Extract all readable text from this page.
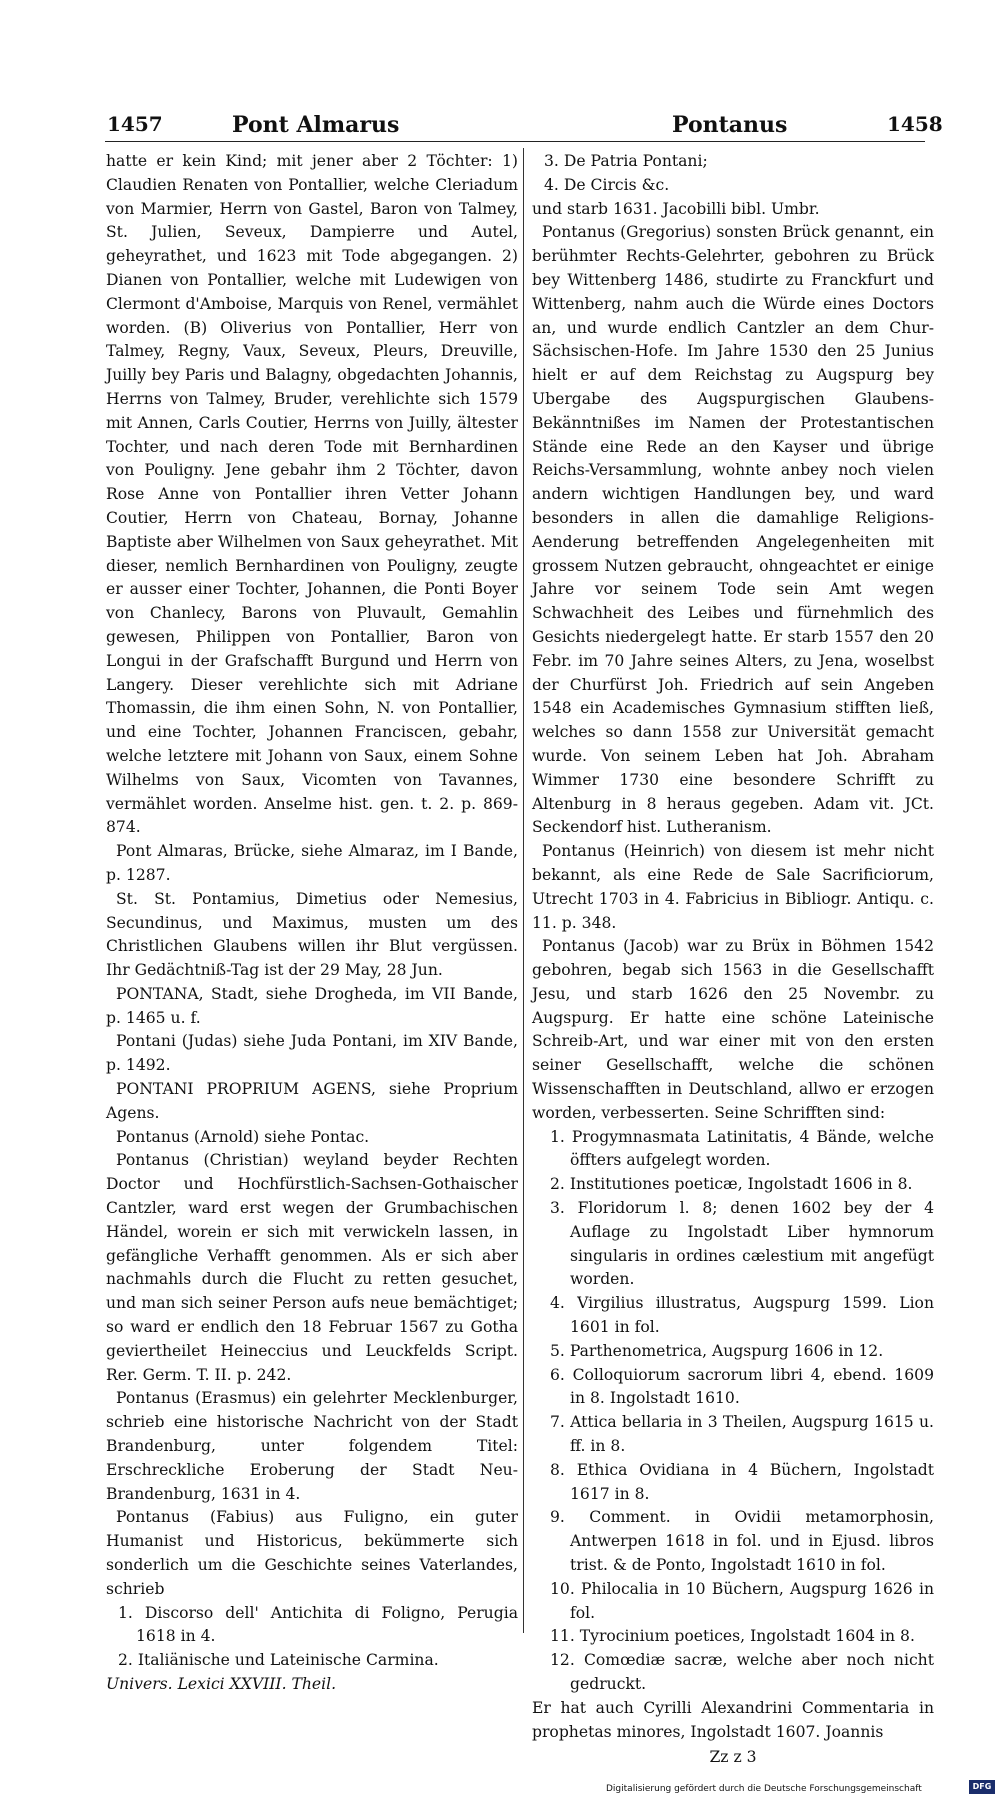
1457	Pont Almarus	Pontanus	1458

hatte er kein Kind; mit jener aber 2 Töchter: 1) Claudien Renaten von Pontallier, welche Cleriadum von Marmier, Herrn von Gastel, Baron von Talmey, St. Julien, Seveux, Dampierre und Autel, geheyrathet, und 1623 mit Tode abgegangen. 2) Dianen von Pontallier, welche mit Ludewigen von Clermont d'Amboise, Marquis von Renel, vermählet worden. (B) Oliverius von Pontallier, Herr von Talmey, Regny, Vaux, Seveux, Pleurs, Dreuville, Juilly bey Paris und Balagny, obgedachten Johannis, Herrns von Talmey, Bruder, verehlichte sich 1579 mit Annen, Carls Coutier, Herrns von Juilly, ältester Tochter, und nach deren Tode mit Bernhardinen von Pouligny. Jene gebahr ihm 2 Töchter, davon Rose Anne von Pontallier ihren Vetter Johann Coutier, Herrn von Chateau, Bornay, Johanne Baptiste aber Wilhelmen von Saux geheyrathet. Mit dieser, nemlich Bernhardinen von Pouligny, zeugte er ausser einer Tochter, Johannen, die Ponti Boyer von Chanlecy, Barons von Pluvault, Gemahlin gewesen, Philippen von Pontallier, Baron von Longui in der Grafschafft Burgund und Herrn von Langery. Dieser verehlichte sich mit Adriane Thomassin, die ihm einen Sohn, N. von Pontallier, und eine Tochter, Johannen Franciscen, gebahr, welche letztere mit Johann von Saux, einem Sohne Wilhelms von Saux, Vicomten von Tavannes, vermählet worden. Anselme hist. gen. t. 2. p. 869-874.

Pont Almaras, Brücke, siehe Almaraz, im I Bande, p. 1287.

St. St. Pontamius, Dimetius oder Nemesius, Secundinus, und Maximus, musten um des Christlichen Glaubens willen ihr Blut vergüssen. Ihr Gedächtniß-Tag ist der 29 May, 28 Jun.

PONTANA, Stadt, siehe Drogheda, im VII Bande, p. 1465 u. f.

Pontani (Judas) siehe Juda Pontani, im XIV Bande, p. 1492.

PONTANI PROPRIUM AGENS, siehe Proprium Agens.

Pontanus (Arnold) siehe Pontac.

Pontanus (Christian) weyland beyder Rechten Doctor und Hochfürstlich-Sachsen-Gothaischer Cantzler, ward erst wegen der Grumbachischen Händel, worein er sich mit verwickeln lassen, in gefängliche Verhafft genommen. Als er sich aber nachmahls durch die Flucht zu retten gesuchet, und man sich seiner Person aufs neue bemächtiget; so ward er endlich den 18 Februar 1567 zu Gotha geviertheilet Heineccius und Leuckfelds Script. Rer. Germ. T. II. p. 242.

Pontanus (Erasmus) ein gelehrter Mecklenburger, schrieb eine historische Nachricht von der Stadt Brandenburg, unter folgendem Titel: Erschreckliche Eroberung der Stadt Neu-Brandenburg, 1631 in 4.

Pontanus (Fabius) aus Fuligno, ein guter Humanist und Historicus, bekümmerte sich sonderlich um die Geschichte seines Vaterlandes, schrieb

1. Discorso dell' Antichita di Foligno, Perugia 1618 in 4.

2. Italiänische und Lateinische Carmina.

Univers. Lexici XXVIII. Theil.

3. De Patria Pontani;

4. De Circis &c.

und starb 1631. Jacobilli bibl. Umbr.

Pontanus (Gregorius) sonsten Brück genannt, ein berühmter Rechts-Gelehrter, gebohren zu Brück bey Wittenberg 1486, studirte zu Franckfurt und Wittenberg, nahm auch die Würde eines Doctors an, und wurde endlich Cantzler an dem Chur-Sächsischen-Hofe. Im Jahre 1530 den 25 Junius hielt er auf dem Reichstag zu Augspurg bey Ubergabe des Augspurgischen Glaubens-Bekänntnißes im Namen der Protestantischen Stände eine Rede an den Kayser und übrige Reichs-Versammlung, wohnte anbey noch vielen andern wichtigen Handlungen bey, und ward besonders in allen die damahlige Religions-Aenderung betreffenden Angelegenheiten mit grossem Nutzen gebraucht, ohngeachtet er einige Jahre vor seinem Tode sein Amt wegen Schwachheit des Leibes und fürnehmlich des Gesichts niedergelegt hatte. Er starb 1557 den 20 Febr. im 70 Jahre seines Alters, zu Jena, woselbst der Churfürst Joh. Friedrich auf sein Angeben 1548 ein Academisches Gymnasium stifften ließ, welches so dann 1558 zur Universität gemacht wurde. Von seinem Leben hat Joh. Abraham Wimmer 1730 eine besondere Schrifft zu Altenburg in 8 heraus gegeben. Adam vit. JCt. Seckendorf hist. Lutheranism.

Pontanus (Heinrich) von diesem ist mehr nicht bekannt, als eine Rede de Sale Sacrificiorum, Utrecht 1703 in 4. Fabricius in Bibliogr. Antiqu. c. 11. p. 348.

Pontanus (Jacob) war zu Brüx in Böhmen 1542 gebohren, begab sich 1563 in die Gesellschafft Jesu, und starb 1626 den 25 Novembr. zu Augspurg. Er hatte eine schöne Lateinische Schreib-Art, und war einer mit von den ersten seiner Gesellschafft, welche die schönen Wissenschafften in Deutschland, allwo er erzogen worden, verbesserten. Seine Schrifften sind:

1. Progymnasmata Latinitatis, 4 Bände, welche öffters aufgelegt worden.

2. Institutiones poeticæ, Ingolstadt 1606 in 8.

3. Floridorum l. 8; denen 1602 bey der 4 Auflage zu Ingolstadt Liber hymnorum singularis in ordines cælestium mit angefügt worden.

4. Virgilius illustratus, Augspurg 1599. Lion 1601 in fol.

5. Parthenometrica, Augspurg 1606 in 12.

6. Colloquiorum sacrorum libri 4, ebend. 1609 in 8. Ingolstadt 1610.

7. Attica bellaria in 3 Theilen, Augspurg 1615 u. ff. in 8.

8. Ethica Ovidiana in 4 Büchern, Ingolstadt 1617 in 8.

9. Comment. in Ovidii metamorphosin, Antwerpen 1618 in fol. und in Ejusd. libros trist. & de Ponto, Ingolstadt 1610 in fol.

10. Philocalia in 10 Büchern, Augspurg 1626 in fol.

11. Tyrocinium poetices, Ingolstadt 1604 in 8.

12. Comœdiæ sacræ, welche aber noch nicht gedruckt.

Er hat auch Cyrilli Alexandrini Commentaria in prophetas minores, Ingolstadt 1607. Joannis

Zz z 3

Digitalisierung gefördert durch die Deutsche Forschungsgemeinschaft	DFG
